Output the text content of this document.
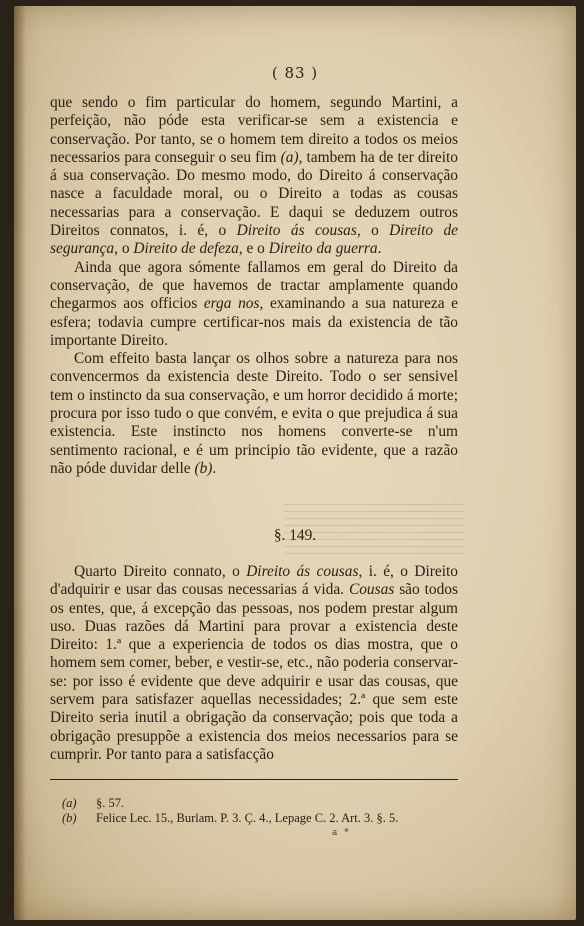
( 83 )

que sendo o fim particular do homem, segundo Martini, a perfeição, não póde esta verificar-se sem a existencia e conservação. Por tanto, se o homem tem direito a todos os meios necessarios para conseguir o seu fim (a), tambem ha de ter direito á sua conservação. Do mesmo modo, do Direito á conservação nasce a faculdade moral, ou o Direito a todas as cousas necessarias para a conservação. E daqui se deduzem outros Direitos connatos, i. é, o Direito ás cousas, o Direito de segurança, o Direito de defeza, e o Direito da guerra.

Ainda que agora sómente fallamos em geral do Direito da conservação, de que havemos de tractar amplamente quando chegarmos aos officios erga nos, examinando a sua natureza e esfera; todavia cumpre certificar-nos mais da existencia de tão importante Direito.

Com effeito basta lançar os olhos sobre a natureza para nos convencermos da existencia deste Direito. Todo o ser sensivel tem o instincto da sua conservação, e um horror decidido á morte; procura por isso tudo o que convém, e evita o que prejudica á sua existencia. Este instincto nos homens converte-se n'um sentimento racional, e é um principio tão evidente, que a razão não póde duvidar delle (b).

§. 149.

Quarto Direito connato, o Direito ás cousas, i. é, o Direito d'adquirir e usar das cousas necessarias á vida. Cousas são todos os entes, que, á excepção das pessoas, nos podem prestar algum uso. Duas razões dá Martini para provar a existencia deste Direito: 1.ª que a experiencia de todos os dias mostra, que o homem sem comer, beber, e vestir-se, etc., não poderia conservar-se: por isso é evidente que deve adquirir e usar das cousas, que servem para satisfazer aquellas necessidades; 2.ª que sem este Direito seria inutil a obrigação da conservação; pois que toda a obrigação presuppõe a existencia dos meios necessarios para se cumprir. Por tanto para a satisfacção

(a) §. 57.
(b) Felice Lec. 15., Burlam. P. 3. Ç. 4., Lepage C. 2. Art. 3. §. 5.
a *
